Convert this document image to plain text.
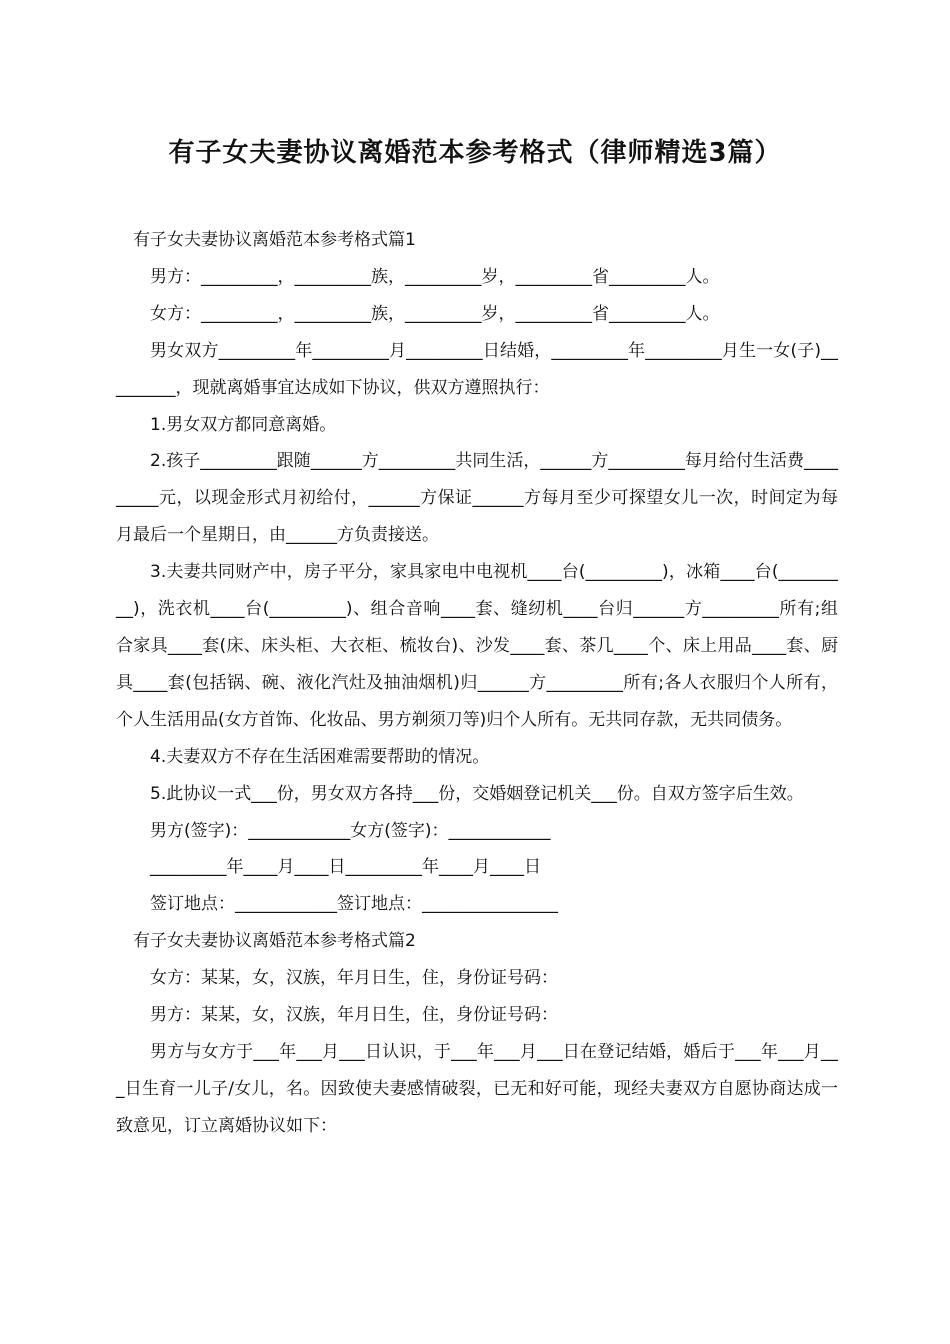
有子女夫妻协议离婚范本参考格式（律师精选3篇）
有子女夫妻协议离婚范本参考格式篇1
男方：_________，_________族，_________岁，_________省_________人。
女方：_________，_________族，_________岁，_________省_________人。
男女双方_________年_________月_________日结婚，_________年_________月生一女(子)_________，现就离婚事宜达成如下协议，供双方遵照执行：
1.男女双方都同意离婚。
2.孩子_________跟随______方_________共同生活，______方_________每月给付生活费_________元，以现金形式月初给付，______方保证______方每月至少可探望女儿一次，时间定为每月最后一个星期日，由______方负责接送。
3.夫妻共同财产中，房子平分，家具家电中电视机____台(_________)，冰箱____台(_________)，洗衣机____台(_________)、组合音响____套、缝纫机____台归______方_________所有;组合家具____套(床、床头柜、大衣柜、梳妆台)、沙发____套、茶几____个、床上用品____套、厨具____套(包括锅、碗、液化汽灶及抽油烟机)归______方_________所有;各人衣服归个人所有，个人生活用品(女方首饰、化妆品、男方剃须刀等)归个人所有。无共同存款，无共同债务。
4.夫妻双方不存在生活困难需要帮助的情况。
5.此协议一式___份，男女双方各持___份，交婚姻登记机关___份。自双方签字后生效。
男方(签字)：____________女方(签字)：____________
_________年____月____日_________年____月____日
签订地点：____________签订地点：________________
有子女夫妻协议离婚范本参考格式篇2
女方：某某，女，汉族，年月日生，住，身份证号码：
男方：某某，女，汉族，年月日生，住，身份证号码：
男方与女方于___年___月___日认识，于___年___月___日在登记结婚，婚后于___年___月___日生育一儿子/女儿，名。因致使夫妻感情破裂，已无和好可能，现经夫妻双方自愿协商达成一致意见，订立离婚协议如下：
